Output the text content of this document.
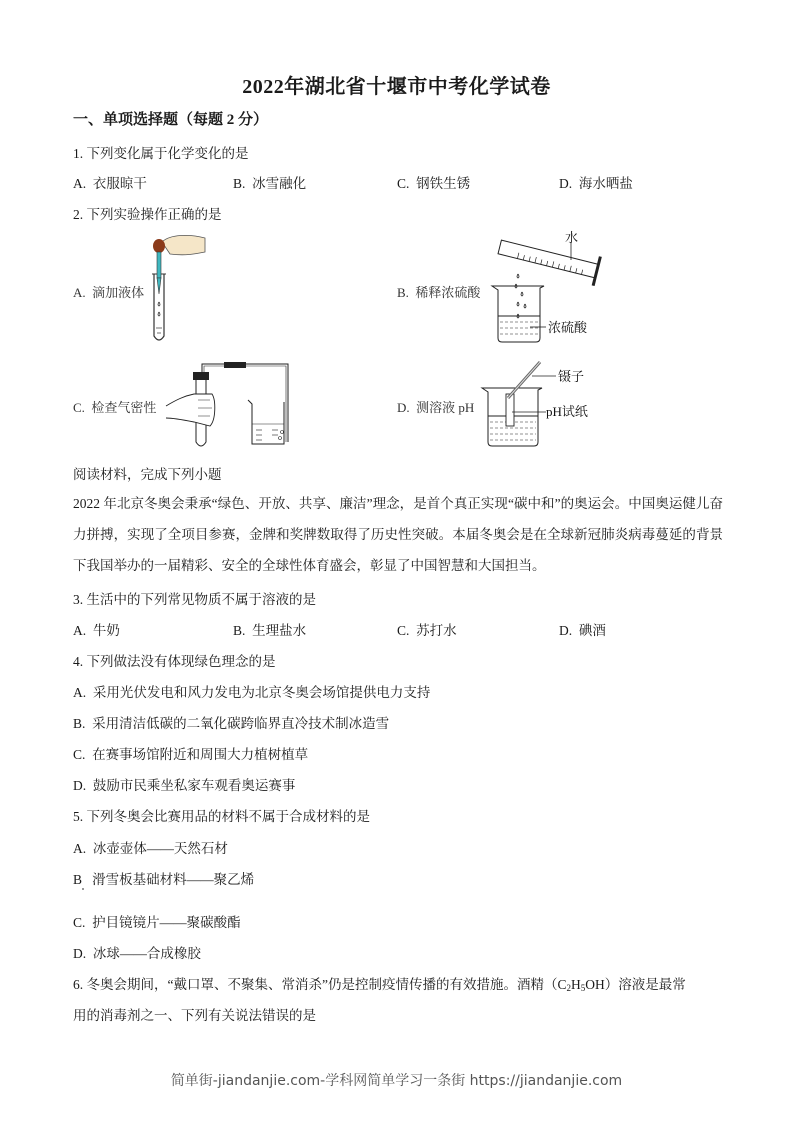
2022年湖北省十堰市中考化学试卷
一、单项选择题（每题 2 分）
1. 下列变化属于化学变化的是
A. 衣服晾干	B. 冰雪融化	C. 钢铁生锈	D. 海水晒盐
2. 下列实验操作正确的是
A. 滴加液体	B. 稀释浓硫酸
水
浓硫酸
C. 检查气密性	D. 测溶液 pH
镊子
pH试纸
阅读材料，完成下列小题
2022 年北京冬奥会秉承“绿色、开放、共享、廉洁”理念，是首个真正实现“碳中和”的奥运会。中国奥运健儿奋力拼搏，实现了全项目参赛，金牌和奖牌数取得了历史性突破。本届冬奥会是在全球新冠肺炎病毒蔓延的背景下我国举办的一届精彩、安全的全球性体育盛会，彰显了中国智慧和大国担当。
3. 生活中的下列常见物质不属于溶液的是
A. 牛奶	B. 生理盐水	C. 苏打水	D. 碘酒
4. 下列做法没有体现绿色理念的是
A. 采用光伏发电和风力发电为北京冬奥会场馆提供电力支持
B. 采用清洁低碳的二氧化碳跨临界直冷技术制冰造雪
C. 在赛事场馆附近和周围大力植树植草
D. 鼓励市民乘坐私家车观看奥运赛事
5. 下列冬奥会比赛用品的材料不属于合成材料的是
A. 冰壶壶体——天然石材
B 滑雪板基础材料——聚乙烯
C. 护目镜镜片——聚碳酸酯
D. 冰球——合成橡胶
6. 冬奥会期间，“戴口罩、不聚集、常消杀”仍是控制疫情传播的有效措施。酒精$(C_2H_5OH)$溶液是最常
用的消毒剂之一、下列有关说法错误的是
简单街-jiandanjie.com-学科网简单学习一条街 https://jiandanjie.com
